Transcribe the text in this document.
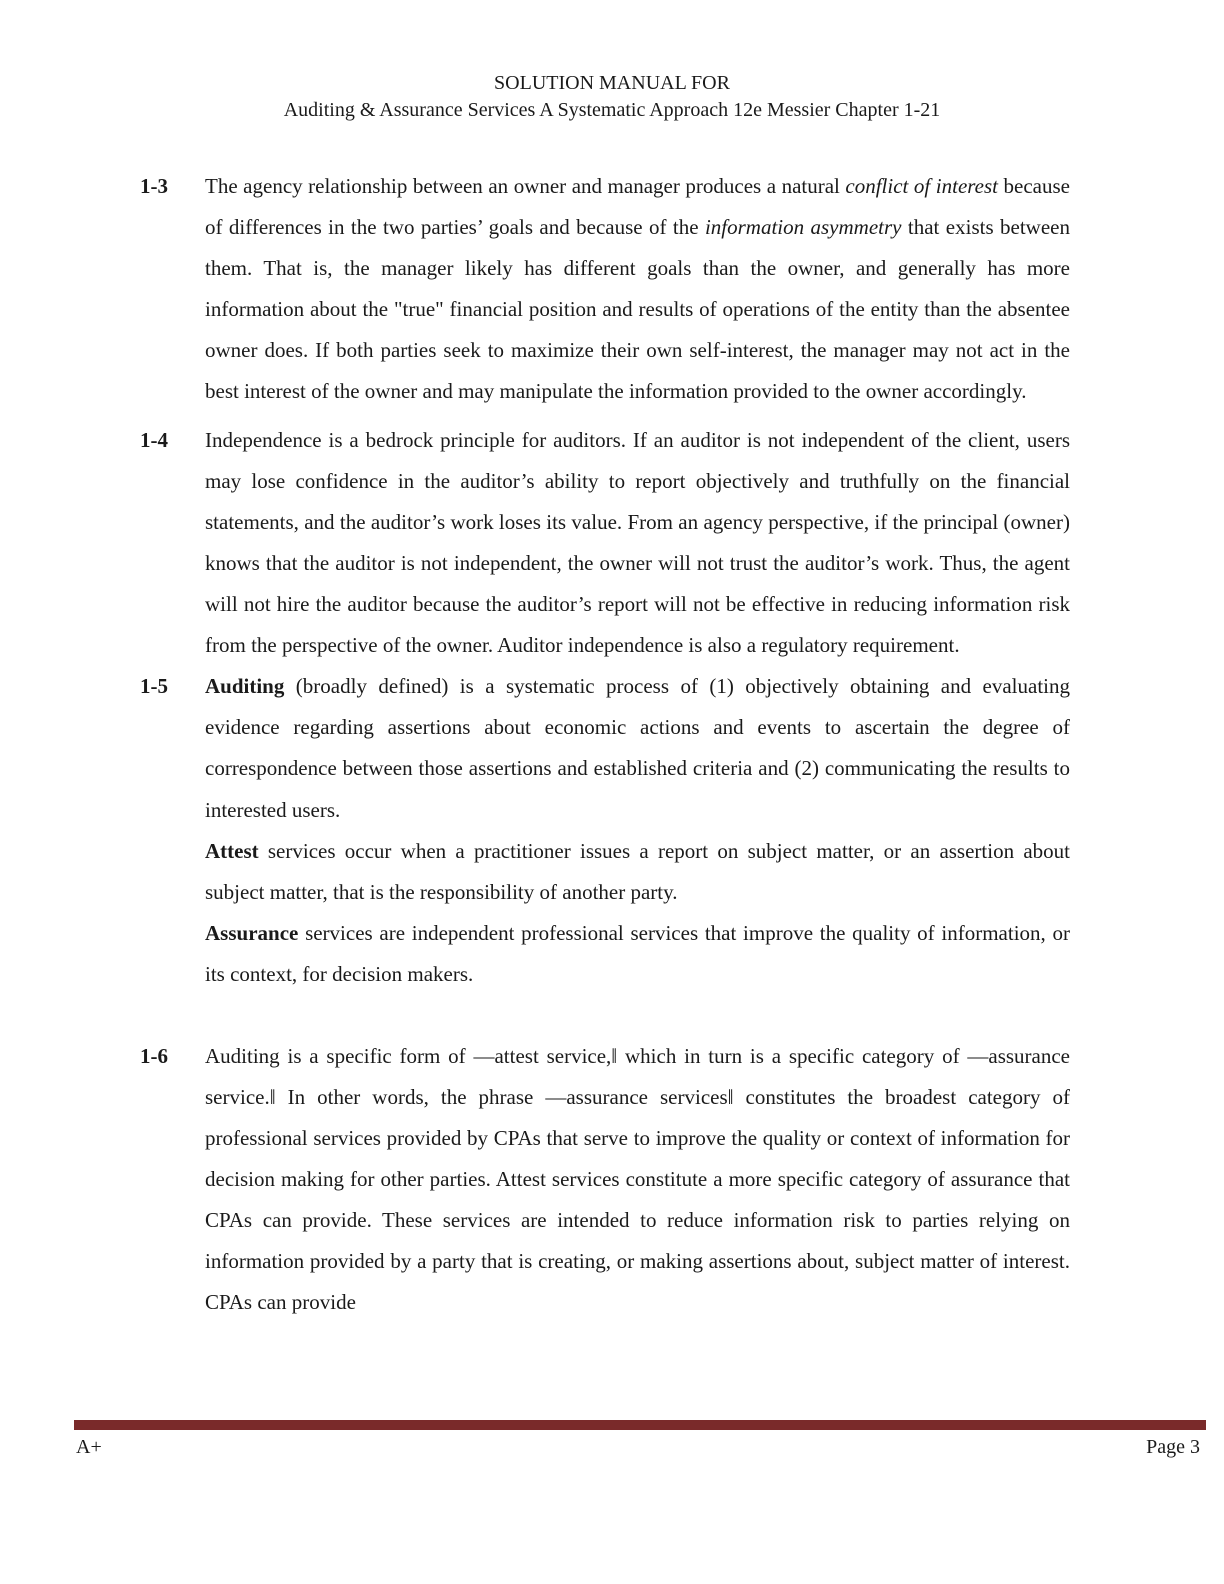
SOLUTION MANUAL FOR
Auditing & Assurance Services A Systematic Approach 12e Messier Chapter 1-21
1-3 The agency relationship between an owner and manager produces a natural conflict of interest because of differences in the two parties’ goals and because of the information asymmetry that exists between them. That is, the manager likely has different goals than the owner, and generally has more information about the "true" financial position and results of operations of the entity than the absentee owner does. If both parties seek to maximize their own self-interest, the manager may not act in the best interest of the owner and may manipulate the information provided to the owner accordingly.

1-4 Independence is a bedrock principle for auditors. If an auditor is not independent of the client, users may lose confidence in the auditor’s ability to report objectively and truthfully on the financial statements, and the auditor’s work loses its value. From an agency perspective, if the principal (owner) knows that the auditor is not independent, the owner will not trust the auditor’s work. Thus, the agent will not hire the auditor because the auditor’s report will not be effective in reducing information risk from the perspective of the owner. Auditor independence is also a regulatory requirement.

1-5 Auditing (broadly defined) is a systematic process of (1) objectively obtaining and evaluating evidence regarding assertions about economic actions and events to ascertain the degree of correspondence between those assertions and established criteria and (2) communicating the results to interested users.

Attest services occur when a practitioner issues a report on subject matter, or an assertion about subject matter, that is the responsibility of another party.

Assurance services are independent professional services that improve the quality of information, or its context, for decision makers.

1-6 Auditing is a specific form of ―attest service,‖ which in turn is a specific category of ―assurance service.‖ In other words, the phrase ―assurance services‖ constitutes the broadest category of professional services provided by CPAs that serve to improve the quality or context of information for decision making for other parties. Attest services constitute a more specific category of assurance that CPAs can provide. These services are intended to reduce information risk to parties relying on information provided by a party that is creating, or making assertions about, subject matter of interest. CPAs can provide

A+	Page 3
